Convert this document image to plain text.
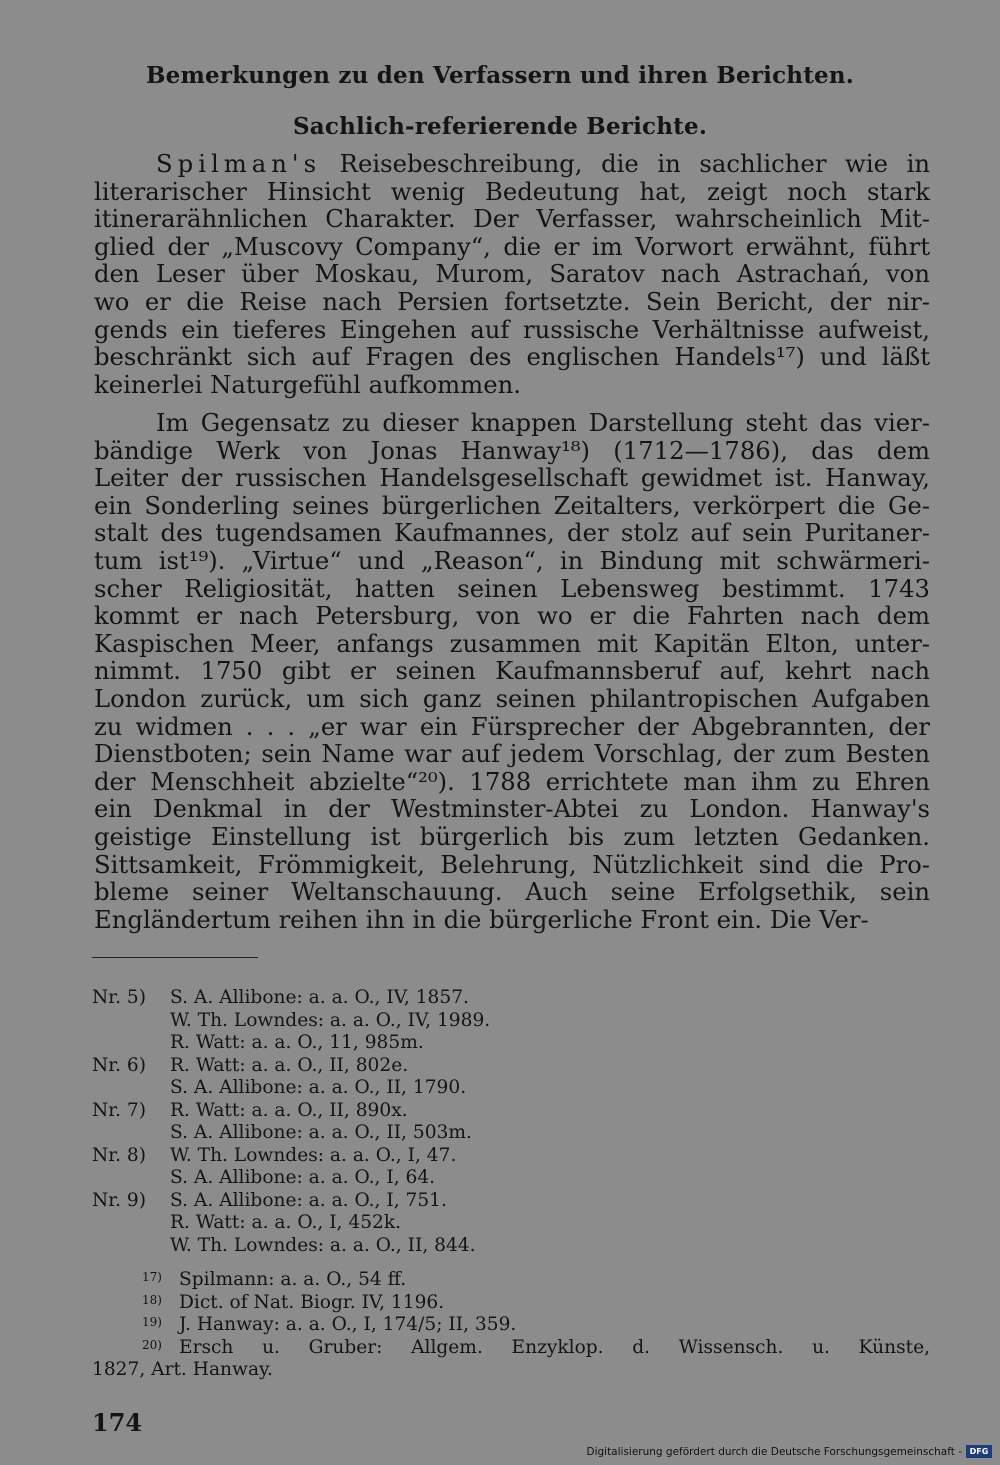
Bemerkungen zu den Verfassern und ihren Berichten.
Sachlich-referierende Berichte.
Spilman's Reisebeschreibung, die in sachlicher wie in
literarischer Hinsicht wenig Bedeutung hat, zeigt noch stark
itinerarähnlichen Charakter. Der Verfasser, wahrscheinlich Mit-
glied der „Muscovy Company“, die er im Vorwort erwähnt, führt
den Leser über Moskau, Murom, Saratov nach Astrachań, von
wo er die Reise nach Persien fortsetzte. Sein Bericht, der nir-
gends ein tieferes Eingehen auf russische Verhältnisse aufweist,
beschränkt sich auf Fragen des englischen Handels¹⁷) und läßt
keinerlei Naturgefühl aufkommen.
Im Gegensatz zu dieser knappen Darstellung steht das vier-
bändige Werk von Jonas Hanway¹⁸) (1712—1786), das dem
Leiter der russischen Handelsgesellschaft gewidmet ist. Hanway,
ein Sonderling seines bürgerlichen Zeitalters, verkörpert die Ge-
stalt des tugendsamen Kaufmannes, der stolz auf sein Puritaner-
tum ist¹⁹). „Virtue“ und „Reason“, in Bindung mit schwärmeri-
scher Religiosität, hatten seinen Lebensweg bestimmt. 1743
kommt er nach Petersburg, von wo er die Fahrten nach dem
Kaspischen Meer, anfangs zusammen mit Kapitän Elton, unter-
nimmt. 1750 gibt er seinen Kaufmannsberuf auf, kehrt nach
London zurück, um sich ganz seinen philantropischen Aufgaben
zu widmen . . . „er war ein Fürsprecher der Abgebrannten, der
Dienstboten; sein Name war auf jedem Vorschlag, der zum Besten
der Menschheit abzielte“²⁰). 1788 errichtete man ihm zu Ehren
ein Denkmal in der Westminster-Abtei zu London. Hanway's
geistige Einstellung ist bürgerlich bis zum letzten Gedanken.
Sittsamkeit, Frömmigkeit, Belehrung, Nützlichkeit sind die Pro-
bleme seiner Weltanschauung. Auch seine Erfolgsethik, sein
Engländertum reihen ihn in die bürgerliche Front ein. Die Ver-
Nr. 5) S. A. Allibone: a. a. O., IV, 1857.
W. Th. Lowndes: a. a. O., IV, 1989.
R. Watt: a. a. O., 11, 985m.
Nr. 6) R. Watt: a. a. O., II, 802e.
S. A. Allibone: a. a. O., II, 1790.
Nr. 7) R. Watt: a. a. O., II, 890x.
S. A. Allibone: a. a. O., II, 503m.
Nr. 8) W. Th. Lowndes: a. a. O., I, 47.
S. A. Allibone: a. a. O., I, 64.
Nr. 9) S. A. Allibone: a. a. O., I, 751.
R. Watt: a. a. O., I, 452k.
W. Th. Lowndes: a. a. O., II, 844.
17) Spilmann: a. a. O., 54 ff.
18) Dict. of Nat. Biogr. IV, 1196.
19) J. Hanway: a. a. O., I, 174/5; II, 359.
20) Ersch u. Gruber: Allgem. Enzyklop. d. Wissensch. u. Künste,
1827, Art. Hanway.
174
Digitalisierung gefördert durch die Deutsche Forschungsgemeinschaft - DFG
